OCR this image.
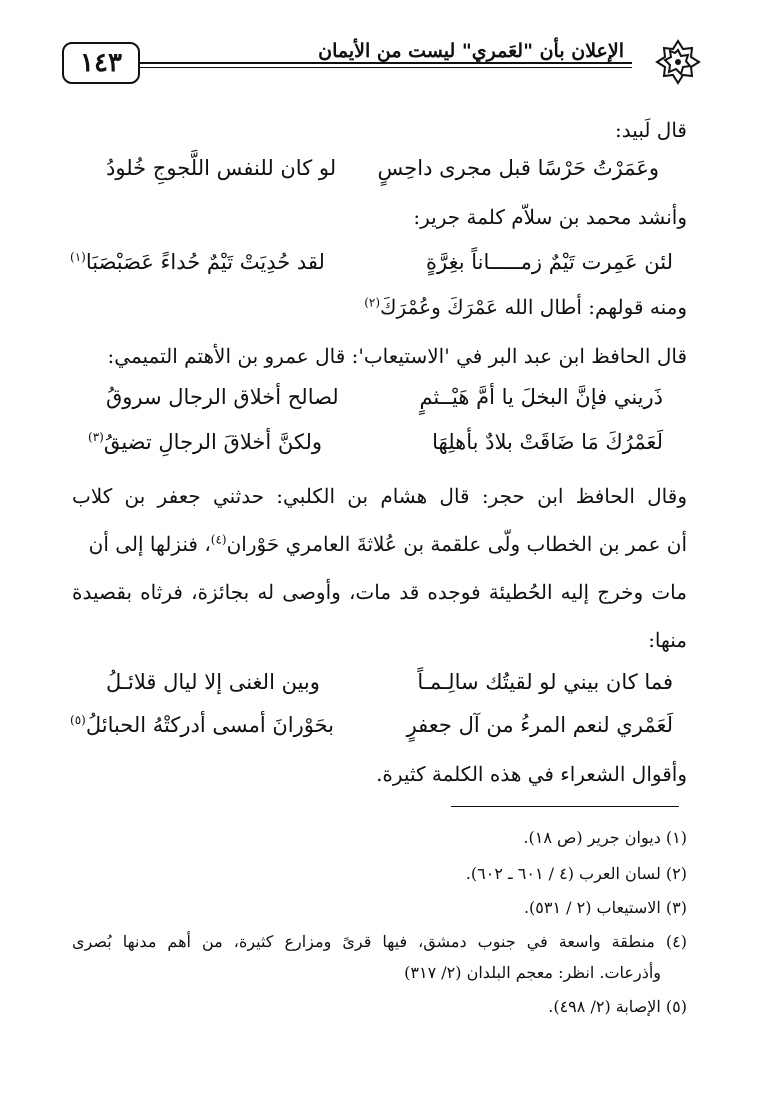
الإعلان بأن "لعَمري" ليست من الأيمان
١٤٣
قال لَبيد:
وعَمَرْتُ حَرْسًا قبل مجرى داحِسٍ
لو كان للنفس اللَّجوجِ خُلودُ
وأنشد محمد بن سلاّم كلمة جرير:
لئن عَمِرت تَيْمٌ زمـــــاناً بغِرَّةٍ
لقد حُدِيَتْ تَيْمٌ حُداءً عَصَبْصَبَا$^{(١)}$
ومنه قولهم: أطال الله عَمْرَكَ وعُمْرَكَ$^{(٢)}$
قال الحافظ ابن عبد البر في 'الاستيعاب': قال عمرو بن الأهتم التميمي:
ذَريني فإنَّ البخلَ يا أمَّ هَيْــثمٍ
لصالح أخلاق الرجال سروقُ
لَعَمْرُكَ مَا ضَاقَتْ بلادٌ بأهلِهَا
ولكنَّ أخلاقَ الرجالِ تضيقُ$^{(٣)}$
وقال الحافظ ابن حجر: قال هشام بن الكلبي: حدثني جعفر بن كلاب
أن عمر بن الخطاب ولّى علقمة بن عُلاثةَ العامري حَوْران$^{(٤)}$، فنزلها إلى أن
مات وخرج إليه الحُطيئة فوجده قد مات، وأوصى له بجائزة، فرثاه بقصيدة
منها:
فما كان بيني لو لقيتُك سالِـمـاً
وبين الغنى إلا ليال قلائـلُ
لَعَمْري لنعم المرءُ من آل جعفرٍ
بحَوْرانَ أمسى أدركتْهُ الحبائلُ$^{(٥)}$
وأقوال الشعراء في هذه الكلمة كثيرة.
(١) ديوان جرير (ص ١٨).
(٢) لسان العرب (٤ / ٦٠١ ـ ٦٠٢).
(٣) الاستيعاب (٢ / ٥٣١).
(٤) منطقة واسعة في جنوب دمشق، فيها قرىً ومزارع كثيرة، من أهم مدنها بُصرى
وأذرعات. انظر: معجم البلدان (٢/ ٣١٧)
(٥) الإصابة (٢/ ٤٩٨).
